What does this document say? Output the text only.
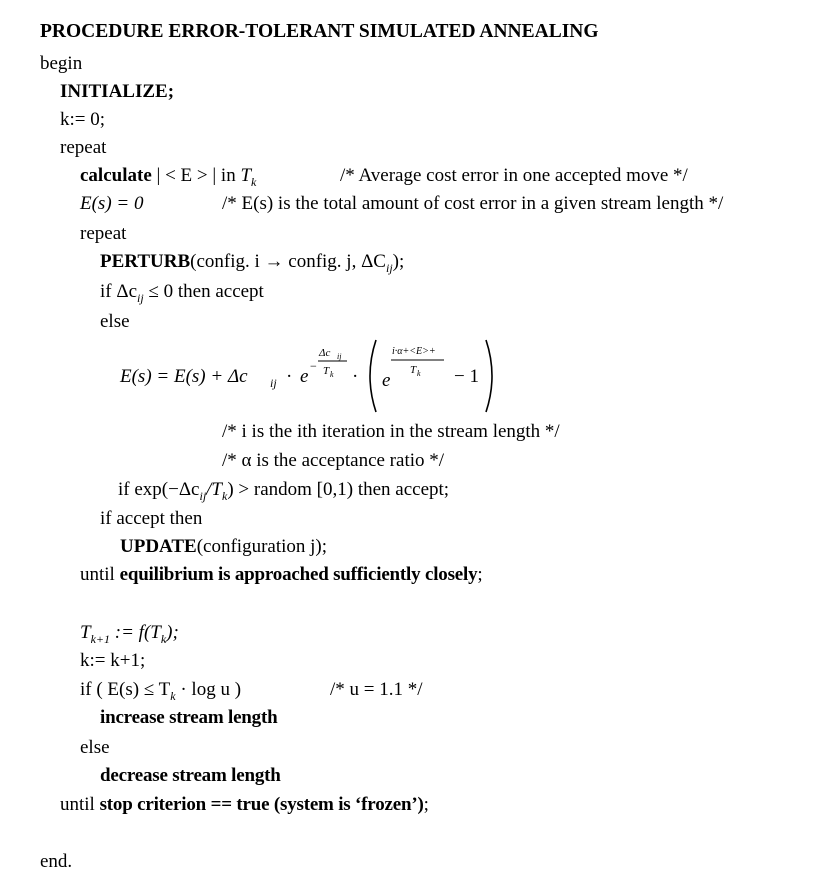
PROCEDURE ERROR-TOLERANT SIMULATED ANNEALING
begin
INITIALIZE;
k:= 0;
repeat
calculate | < E > | in $T_k$	/* Average cost error in one accepted move */
E(s) = 0	/* E(s) is the total amount of cost error in a given stream length */
repeat
PERTURB(config. i → config. j, $\Delta C_{ij}$);
if $\Delta c_{ij} \le 0$ then accept
else
E(s) = E(s) + Δc ij · e −
Δc ij
T k · e
i·α+<E>+
T k − 1
/* i is the ith iteration in the stream length */
/* α is the acceptance ratio */
if $\exp(-\Delta c_{ij}/T_k)$ > random [0,1) then accept;
if accept then
UPDATE(configuration j);
until equilibrium is approached sufficiently closely;
$T_{k+1}$ := $f(T_k)$;
k:= k+1;
if ( $E(s) \le T_k \cdot \log u$ )	/* u = 1.1 */
increase stream length
else
decrease stream length
until stop criterion == true (system is ‘frozen’);
end.
